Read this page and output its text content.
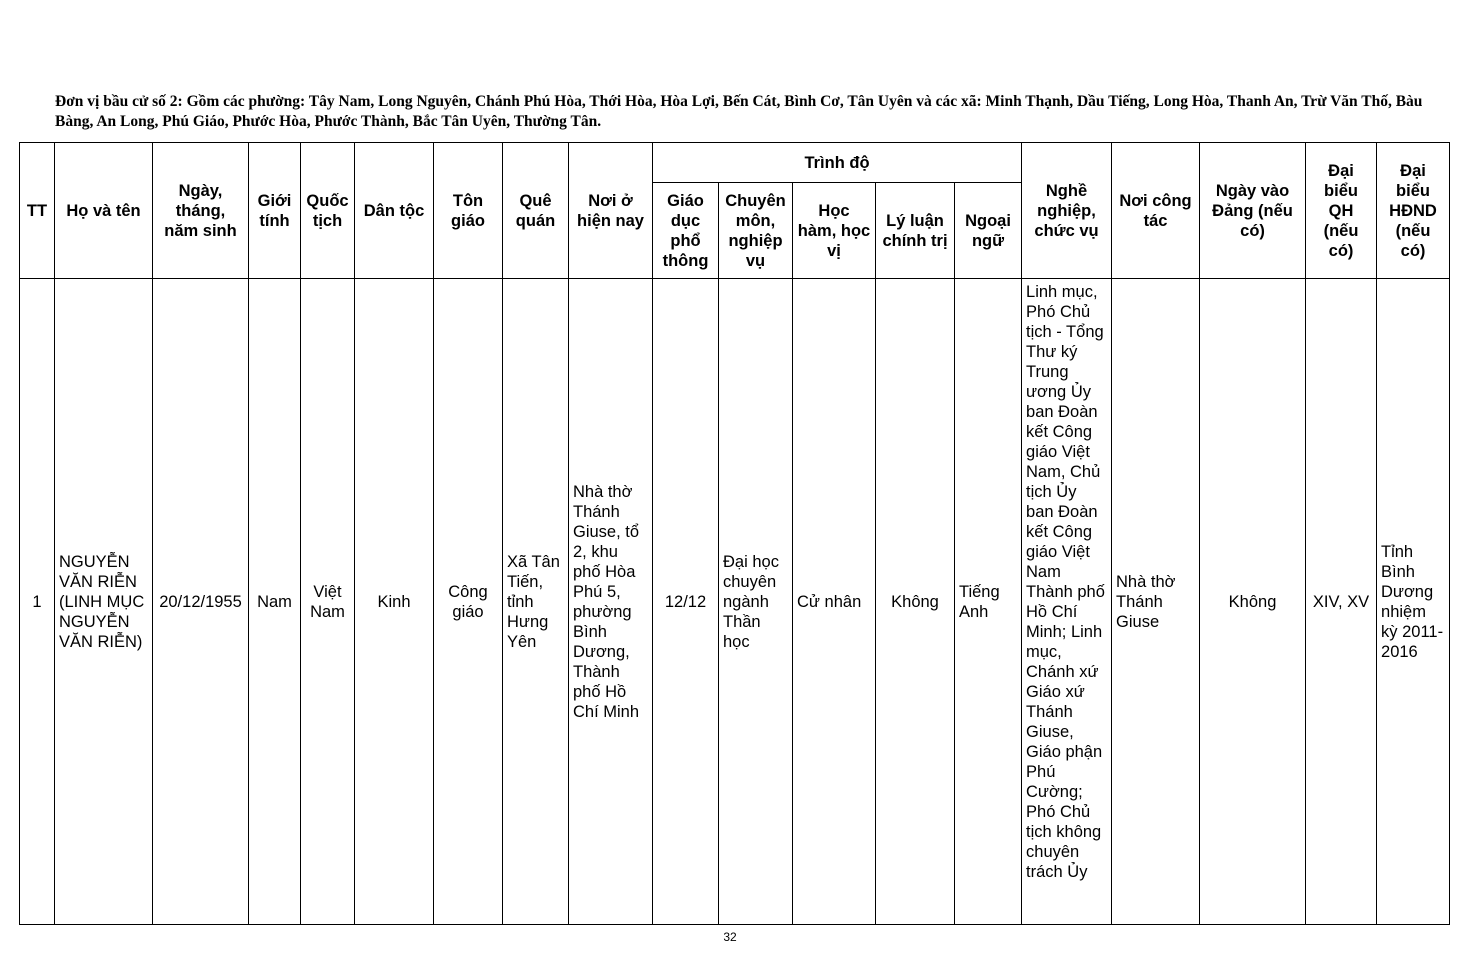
Đơn vị bầu cử số 2: Gồm các phường: Tây Nam, Long Nguyên, Chánh Phú Hòa, Thới Hòa, Hòa Lợi, Bến Cát, Bình Cơ, Tân Uyên và các xã: Minh Thạnh, Dầu Tiếng, Long Hòa, Thanh An, Trừ Văn Thố, Bàu Bàng, An Long, Phú Giáo, Phước Hòa, Phước Thành, Bắc Tân Uyên, Thường Tân.
TT	Họ và tên	Ngày, tháng, năm sinh	Giới tính	Quốc tịch	Dân tộc	Tôn giáo	Quê quán	Nơi ở hiện nay	Trình độ					Nghề nghiệp, chức vụ	Nơi công tác	Ngày vào Đảng (nếu có)	Đại biểu QH (nếu có)	Đại biểu HĐND (nếu có)
									Giáo dục phổ thông	Chuyên môn, nghiệp vụ	Học hàm, học vị	Lý luận chính trị	Ngoại ngữ					
1	NGUYỄN VĂN RIỄN (LINH MỤC NGUYỄN VĂN RIỄN)	20/12/1955	Nam	Việt Nam	Kinh	Công giáo	Xã Tân Tiến, tỉnh Hưng Yên	Nhà thờ Thánh Giuse, tổ 2, khu phố Hòa Phú 5, phường Bình Dương, Thành phố Hồ Chí Minh	12/12	Đại học chuyên ngành Thần học	Cử nhân	Không	Tiếng Anh	Linh mục, Phó Chủ tịch - Tổng Thư ký Trung ương Ủy ban Đoàn kết Công giáo Việt Nam, Chủ tịch Ủy ban Đoàn kết Công giáo Việt Nam Thành phố Hồ Chí Minh; Linh mục, Chánh xứ Giáo xứ Thánh Giuse, Giáo phận Phú Cường; Phó Chủ tịch không chuyên trách Ủy	Nhà thờ Thánh Giuse	Không	XIV, XV	Tỉnh Bình Dương nhiệm kỳ 2011-2016
32
